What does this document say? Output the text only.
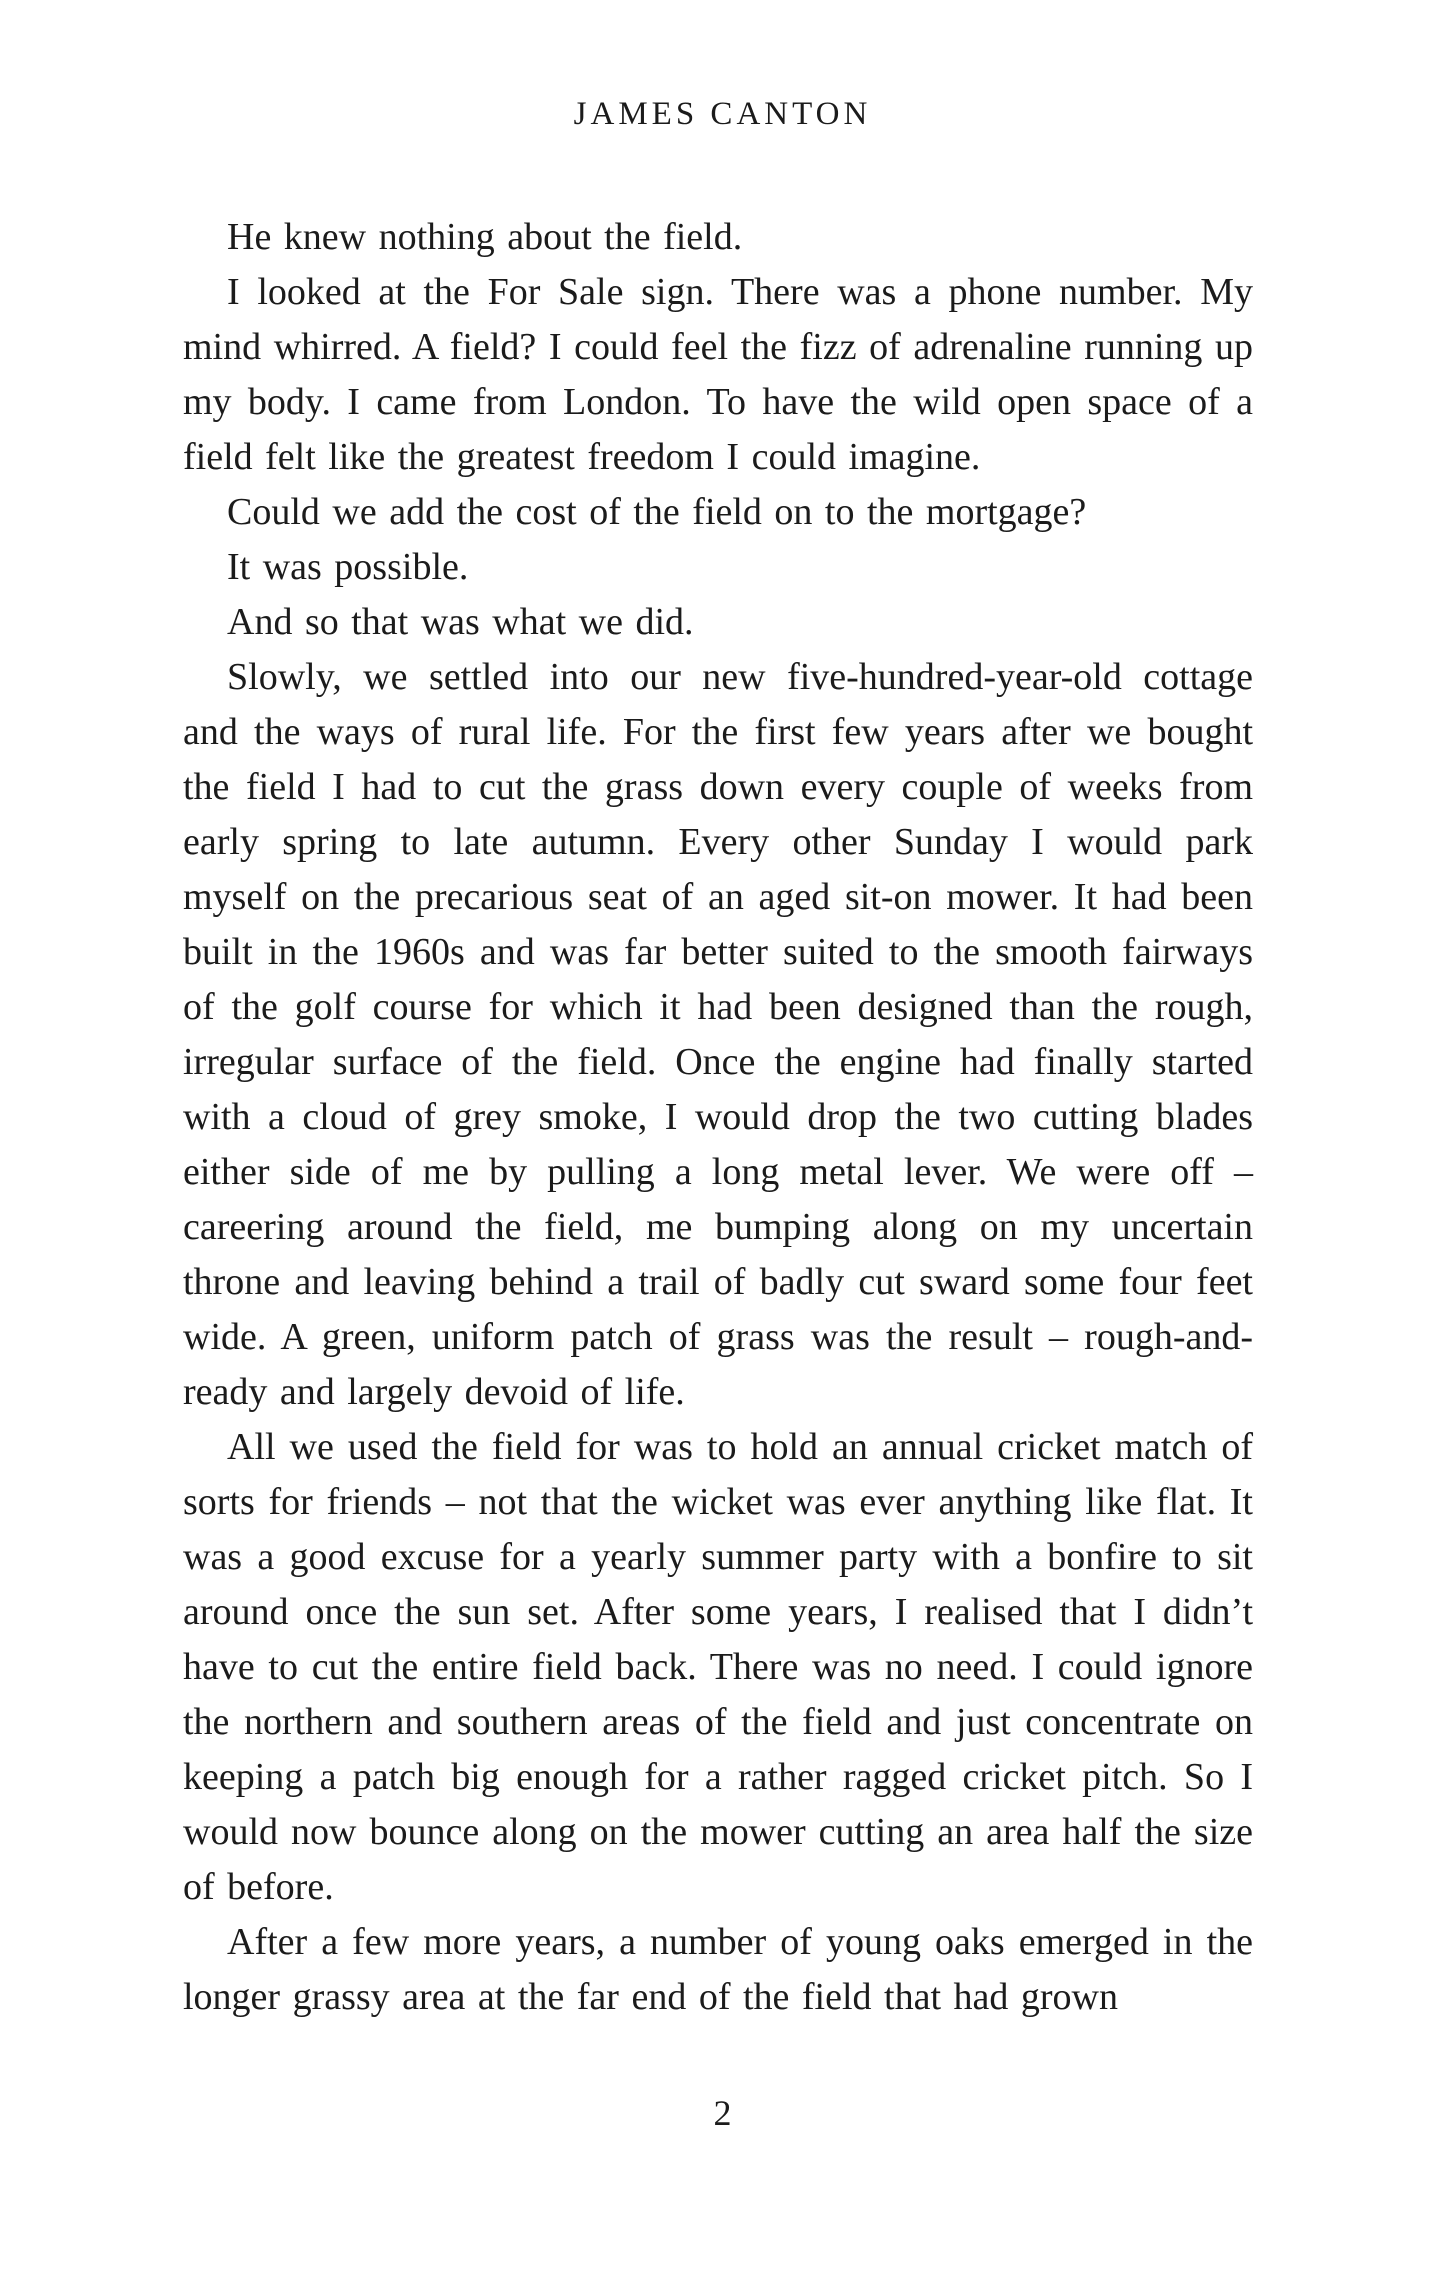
JAMES CANTON

He knew nothing about the field.

I looked at the For Sale sign. There was a phone number. My mind whirred. A field? I could feel the fizz of adrenaline running up my body. I came from London. To have the wild open space of a field felt like the greatest freedom I could imagine.

Could we add the cost of the field on to the mortgage?

It was possible.

And so that was what we did.

Slowly, we settled into our new five-hundred-year-old cottage and the ways of rural life. For the first few years after we bought the field I had to cut the grass down every couple of weeks from early spring to late autumn. Every other Sunday I would park myself on the precarious seat of an aged sit-on mower. It had been built in the 1960s and was far better suited to the smooth fairways of the golf course for which it had been designed than the rough, irregular surface of the field. Once the engine had finally started with a cloud of grey smoke, I would drop the two cutting blades either side of me by pulling a long metal lever. We were off – careering around the field, me bumping along on my uncertain throne and leaving behind a trail of badly cut sward some four feet wide. A green, uniform patch of grass was the result – rough-and-ready and largely devoid of life.

All we used the field for was to hold an annual cricket match of sorts for friends – not that the wicket was ever anything like flat. It was a good excuse for a yearly summer party with a bonfire to sit around once the sun set. After some years, I realised that I didn’t have to cut the entire field back. There was no need. I could ignore the northern and southern areas of the field and just concentrate on keeping a patch big enough for a rather ragged cricket pitch. So I would now bounce along on the mower cutting an area half the size of before.

After a few more years, a number of young oaks emerged in the longer grassy area at the far end of the field that had grown

2
